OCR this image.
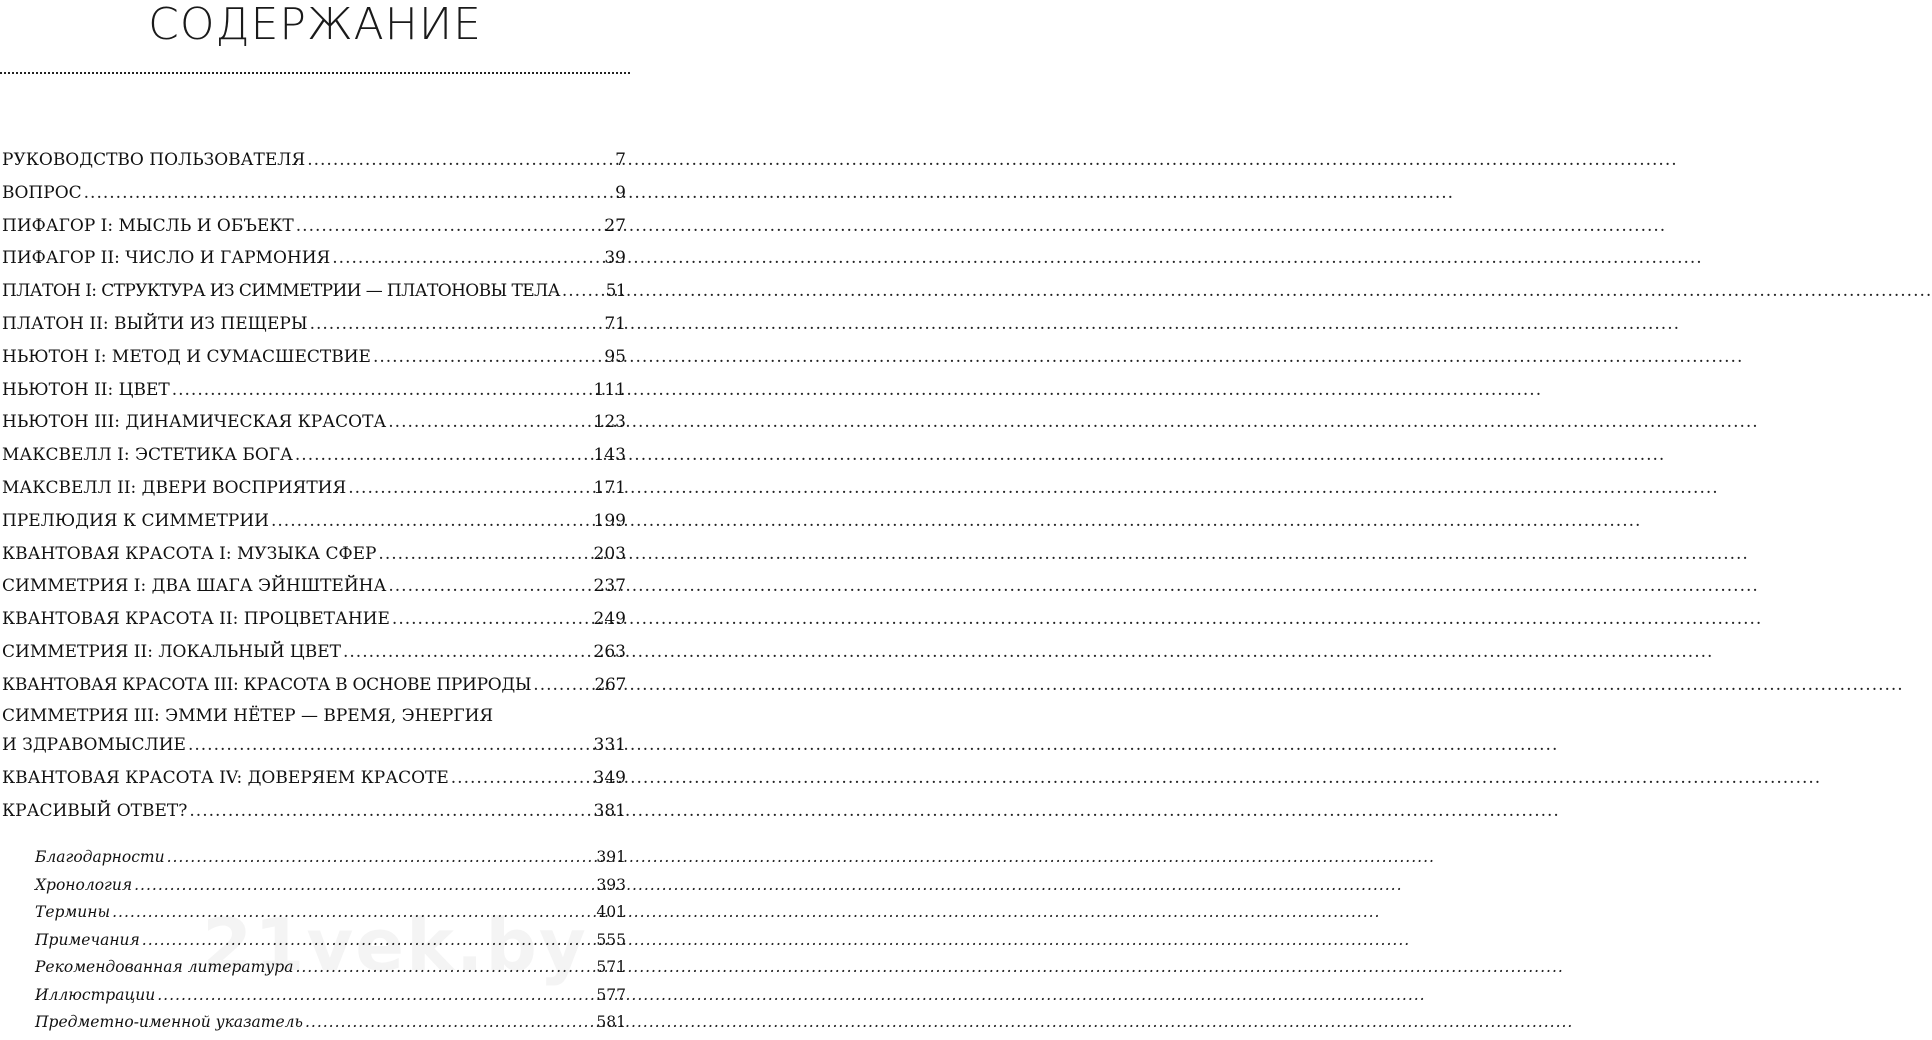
СОДЕРЖАНИЕ
РУКОВОДСТВО ПОЛЬЗОВАТЕЛЯ .....	7
ВОПРОС .....	9
ПИФАГОР I: МЫСЛЬ И ОБЪЕКТ .....	27
ПИФАГОР II: ЧИСЛО И ГАРМОНИЯ .....	39
ПЛАТОН I: СТРУКТУРА ИЗ СИММЕТРИИ — ПЛАТОНОВЫ ТЕЛА .....	51
ПЛАТОН II: ВЫЙТИ ИЗ ПЕЩЕРЫ .....	71
НЬЮТОН I: МЕТОД И СУМАСШЕСТВИЕ .....	95
НЬЮТОН II: ЦВЕТ .....	111
НЬЮТОН III: ДИНАМИЧЕСКАЯ КРАСОТА .....	123
МАКСВЕЛЛ I: ЭСТЕТИКА БОГА .....	143
МАКСВЕЛЛ II: ДВЕРИ ВОСПРИЯТИЯ .....	171
ПРЕЛЮДИЯ К СИММЕТРИИ .....	199
КВАНТОВАЯ КРАСОТА I: МУЗЫКА СФЕР .....	203
СИММЕТРИЯ I: ДВА ШАГА ЭЙНШТЕЙНА .....	237
КВАНТОВАЯ КРАСОТА II: ПРОЦВЕТАНИЕ .....	249
СИММЕТРИЯ II: ЛОКАЛЬНЫЙ ЦВЕТ .....	263
КВАНТОВАЯ КРАСОТА III: КРАСОТА В ОСНОВЕ ПРИРОДЫ .....	267
СИММЕТРИЯ III: ЭММИ НЁТЕР — ВРЕМЯ, ЭНЕРГИЯ
И ЗДРАВОМЫСЛИЕ .....	331
КВАНТОВАЯ КРАСОТА IV: ДОВЕРЯЕМ КРАСОТЕ .....	349
КРАСИВЫЙ ОТВЕТ? .....	381
Благодарности .....	391
Хронология .....	393
Термины .....	401
Примечания .....	555
Рекомендованная литература .....	571
Иллюстрации .....	577
Предметно-именной указатель .....	581
